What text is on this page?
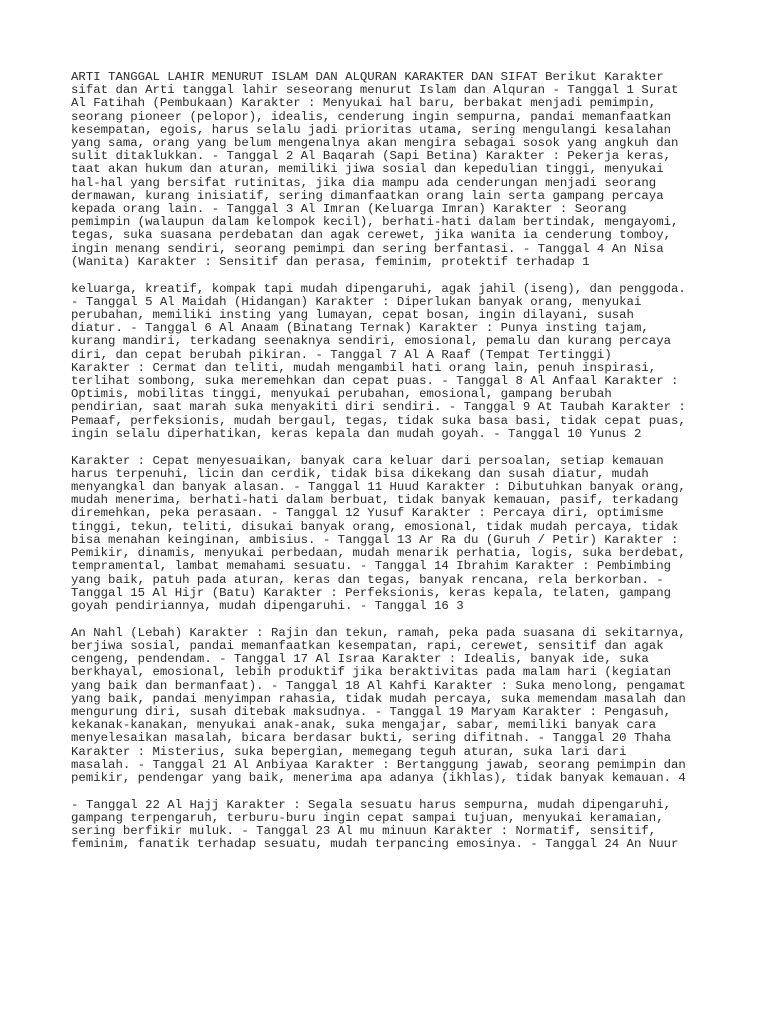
ARTI TANGGAL LAHIR MENURUT ISLAM DAN ALQURAN KARAKTER DAN SIFAT Berikut Karakter
sifat dan Arti tanggal lahir seseorang menurut Islam dan Alquran - Tanggal 1 Surat
Al Fatihah (Pembukaan) Karakter : Menyukai hal baru, berbakat menjadi pemimpin,
seorang pioneer (pelopor), idealis, cenderung ingin sempurna, pandai memanfaatkan
kesempatan, egois, harus selalu jadi prioritas utama, sering mengulangi kesalahan
yang sama, orang yang belum mengenalnya akan mengira sebagai sosok yang angkuh dan
sulit ditaklukkan. - Tanggal 2 Al Baqarah (Sapi Betina) Karakter : Pekerja keras,
taat akan hukum dan aturan, memiliki jiwa sosial dan kepedulian tinggi, menyukai
hal-hal yang bersifat rutinitas, jika dia mampu ada cenderungan menjadi seorang
dermawan, kurang inisiatif, sering dimanfaatkan orang lain serta gampang percaya
kepada orang lain. - Tanggal 3 Al Imran (Keluarga Imran) Karakter : Seorang
pemimpin (walaupun dalam kelompok kecil), berhati-hati dalam bertindak, mengayomi,
tegas, suka suasana perdebatan dan agak cerewet, jika wanita ia cenderung tomboy,
ingin menang sendiri, seorang pemimpi dan sering berfantasi. - Tanggal 4 An Nisa
(Wanita) Karakter : Sensitif dan perasa, feminim, protektif terhadap 1
keluarga, kreatif, kompak tapi mudah dipengaruhi, agak jahil (iseng), dan penggoda.
- Tanggal 5 Al Maidah (Hidangan) Karakter : Diperlukan banyak orang, menyukai
perubahan, memiliki insting yang lumayan, cepat bosan, ingin dilayani, susah
diatur. - Tanggal 6 Al Anaam (Binatang Ternak) Karakter : Punya insting tajam,
kurang mandiri, terkadang seenaknya sendiri, emosional, pemalu dan kurang percaya
diri, dan cepat berubah pikiran. - Tanggal 7 Al A Raaf (Tempat Tertinggi)
Karakter : Cermat dan teliti, mudah mengambil hati orang lain, penuh inspirasi,
terlihat sombong, suka meremehkan dan cepat puas. - Tanggal 8 Al Anfaal Karakter :
Optimis, mobilitas tinggi, menyukai perubahan, emosional, gampang berubah
pendirian, saat marah suka menyakiti diri sendiri. - Tanggal 9 At Taubah Karakter :
Pemaaf, perfeksionis, mudah bergaul, tegas, tidak suka basa basi, tidak cepat puas,
ingin selalu diperhatikan, keras kepala dan mudah goyah. - Tanggal 10 Yunus 2
Karakter : Cepat menyesuaikan, banyak cara keluar dari persoalan, setiap kemauan
harus terpenuhi, licin dan cerdik, tidak bisa dikekang dan susah diatur, mudah
menyangkal dan banyak alasan. - Tanggal 11 Huud Karakter : Dibutuhkan banyak orang,
mudah menerima, berhati-hati dalam berbuat, tidak banyak kemauan, pasif, terkadang
diremehkan, peka perasaan. - Tanggal 12 Yusuf Karakter : Percaya diri, optimisme
tinggi, tekun, teliti, disukai banyak orang, emosional, tidak mudah percaya, tidak
bisa menahan keinginan, ambisius. - Tanggal 13 Ar Ra du (Guruh / Petir) Karakter :
Pemikir, dinamis, menyukai perbedaan, mudah menarik perhatia, logis, suka berdebat,
tempramental, lambat memahami sesuatu. - Tanggal 14 Ibrahim Karakter : Pembimbing
yang baik, patuh pada aturan, keras dan tegas, banyak rencana, rela berkorban. -
Tanggal 15 Al Hijr (Batu) Karakter : Perfeksionis, keras kepala, telaten, gampang
goyah pendiriannya, mudah dipengaruhi. - Tanggal 16 3
An Nahl (Lebah) Karakter : Rajin dan tekun, ramah, peka pada suasana di sekitarnya,
berjiwa sosial, pandai memanfaatkan kesempatan, rapi, cerewet, sensitif dan agak
cengeng, pendendam. - Tanggal 17 Al Israa Karakter : Idealis, banyak ide, suka
berkhayal, emosional, lebih produktif jika beraktivitas pada malam hari (kegiatan
yang baik dan bermanfaat). - Tanggal 18 Al Kahfi Karakter : Suka menolong, pengamat
yang baik, pandai menyimpan rahasia, tidak mudah percaya, suka memendam masalah dan
mengurung diri, susah ditebak maksudnya. - Tanggal 19 Maryam Karakter : Pengasuh,
kekanak-kanakan, menyukai anak-anak, suka mengajar, sabar, memiliki banyak cara
menyelesaikan masalah, bicara berdasar bukti, sering difitnah. - Tanggal 20 Thaha
Karakter : Misterius, suka bepergian, memegang teguh aturan, suka lari dari
masalah. - Tanggal 21 Al Anbiyaa Karakter : Bertanggung jawab, seorang pemimpin dan
pemikir, pendengar yang baik, menerima apa adanya (ikhlas), tidak banyak kemauan. 4
- Tanggal 22 Al Hajj Karakter : Segala sesuatu harus sempurna, mudah dipengaruhi,
gampang terpengaruh, terburu-buru ingin cepat sampai tujuan, menyukai keramaian,
sering berfikir muluk. - Tanggal 23 Al mu minuun Karakter : Normatif, sensitif,
feminim, fanatik terhadap sesuatu, mudah terpancing emosinya. - Tanggal 24 An Nuur
